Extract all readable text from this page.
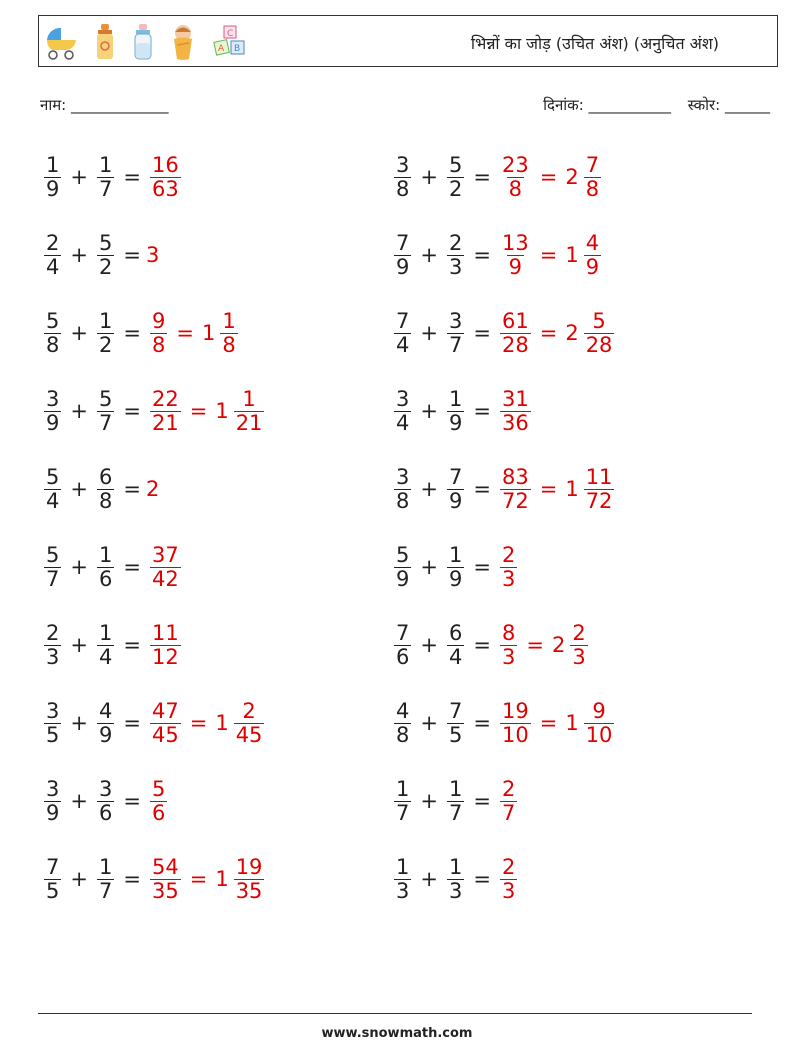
C
A B	भिन्नों का जोड़ (उचित अंश) (अनुचित अंश)
नाम: _____________	दिनांक: ___________ स्कोर: ______
$\frac{1}{9} + \frac{1}{7} = \frac{16}{63}$	$\frac{3}{8} + \frac{5}{2} = \frac{23}{8} = 2 \frac{7}{8}$
$\frac{2}{4} + \frac{5}{2} = 3$	$\frac{7}{9} + \frac{2}{3} = \frac{13}{9} = 1 \frac{4}{9}$
$\frac{5}{8} + \frac{1}{2} = \frac{9}{8} = 1 \frac{1}{8}$	$\frac{7}{4} + \frac{3}{7} = \frac{61}{28} = 2 \frac{5}{28}$
$\frac{3}{9} + \frac{5}{7} = \frac{22}{21} = 1 \frac{1}{21}$	$\frac{3}{4} + \frac{1}{9} = \frac{31}{36}$
$\frac{5}{4} + \frac{6}{8} = 2$	$\frac{3}{8} + \frac{7}{9} = \frac{83}{72} = 1 \frac{11}{72}$
$\frac{5}{7} + \frac{1}{6} = \frac{37}{42}$	$\frac{5}{9} + \frac{1}{9} = \frac{2}{3}$
$\frac{2}{3} + \frac{1}{4} = \frac{11}{12}$	$\frac{7}{6} + \frac{6}{4} = \frac{8}{3} = 2 \frac{2}{3}$
$\frac{3}{5} + \frac{4}{9} = \frac{47}{45} = 1 \frac{2}{45}$	$\frac{4}{8} + \frac{7}{5} = \frac{19}{10} = 1 \frac{9}{10}$
$\frac{3}{9} + \frac{3}{6} = \frac{5}{6}$	$\frac{1}{7} + \frac{1}{7} = \frac{2}{7}$
$\frac{7}{5} + \frac{1}{7} = \frac{54}{35} = 1 \frac{19}{35}$	$\frac{1}{3} + \frac{1}{3} = \frac{2}{3}$
www.snowmath.com
